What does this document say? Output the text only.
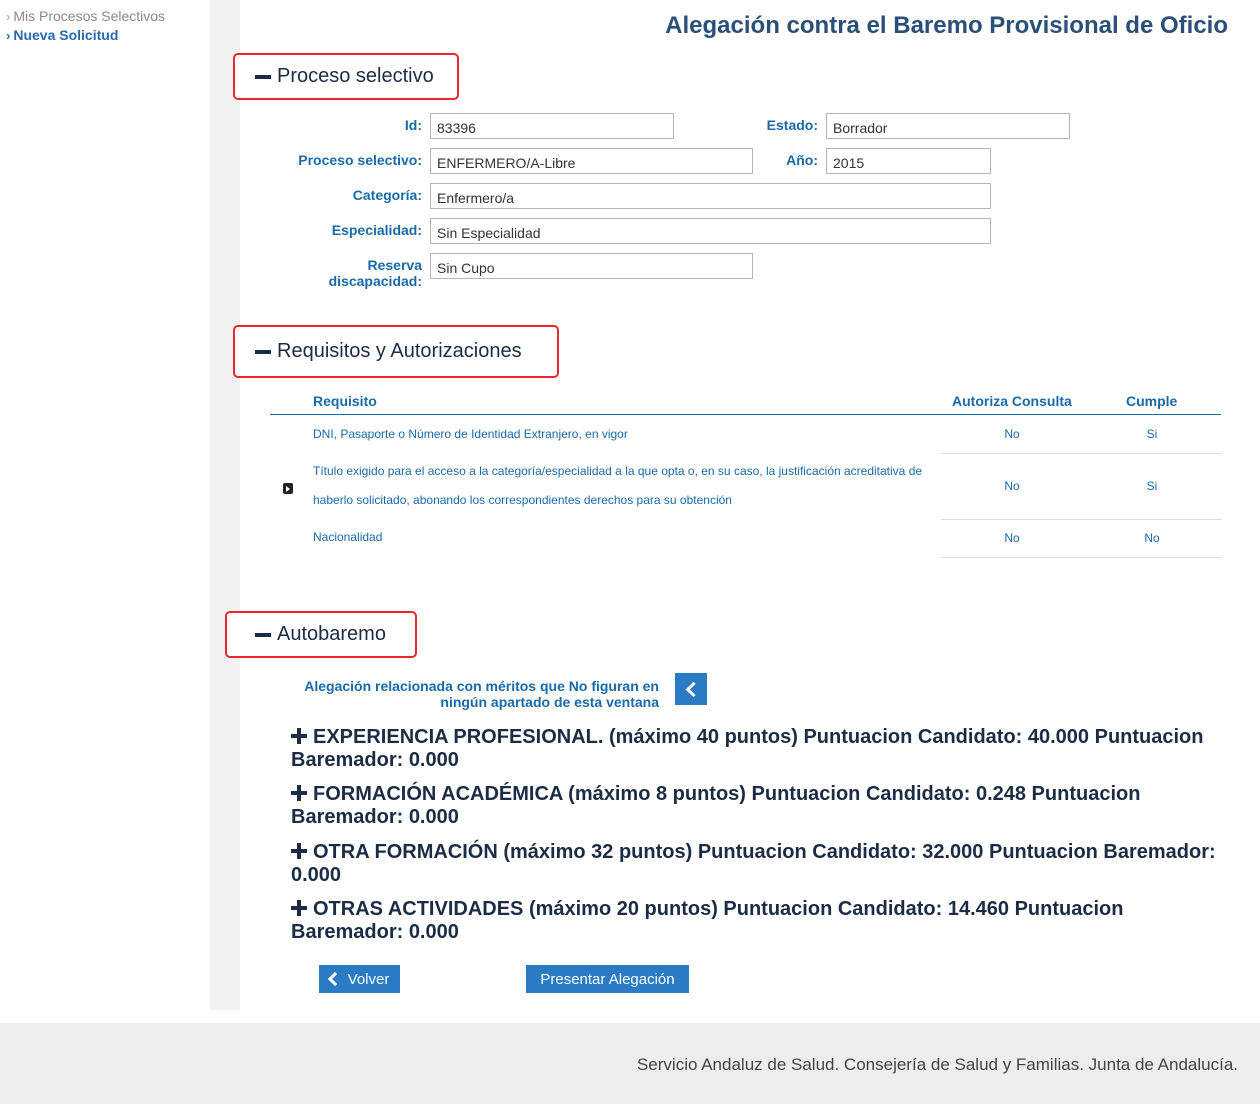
› Mis Procesos Selectivos
› Nueva Solicitud	Alegación contra el Baremo Provisional de Oficio
Proceso selectivo
Id:
83396	Estado:
Borrador
Proceso selectivo:
ENFERMERO/A-Libre	Año:
2015
Categoría:
Enfermero/a
Especialidad:
Sin Especialidad
Reserva
discapacidad:
Sin Cupo
Requisitos y Autorizaciones
Requisito	Autoriza Consulta	Cumple
DNI, Pasaporte o Número de Identidad Extranjero, en vigor	No	Si
Título exigido para el acceso a la categoría/especialidad a la que opta o, en su caso, la justificación acreditativa de
haberlo solicitado, abonando los correspondientes derechos para su obtención
No	Si
Nacionalidad	No	No
Autobaremo
Alegación relacionada con méritos que No figuran en ningún apartado de esta ventana
EXPERIENCIA PROFESIONAL. (máximo 40 puntos) Puntuacion Candidato: 40.000 Puntuacion Baremador: 0.000
FORMACIÓN ACADÉMICA (máximo 8 puntos) Puntuacion Candidato: 0.248 Puntuacion Baremador: 0.000
OTRA FORMACIÓN (máximo 32 puntos) Puntuacion Candidato: 32.000 Puntuacion Baremador: 0.000
OTRAS ACTIVIDADES (máximo 20 puntos) Puntuacion Candidato: 14.460 Puntuacion Baremador: 0.000
Volver	Presentar Alegación
Servicio Andaluz de Salud. Consejería de Salud y Familias. Junta de Andalucía.
